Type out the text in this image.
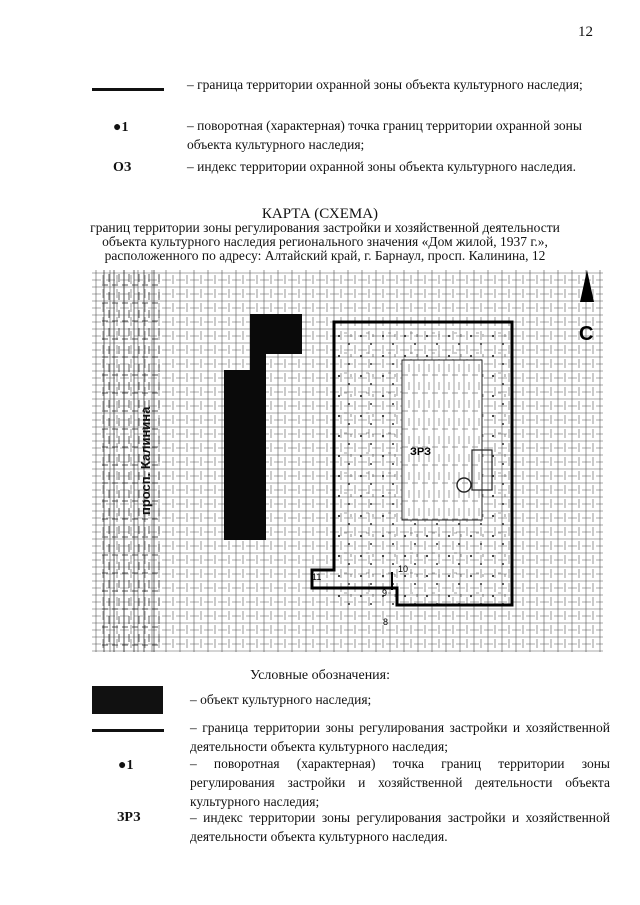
12
– граница территории охранной зоны объекта культурного наследия;
●1	– поворотная (характерная) точка границ территории охранной зоны объекта культурного наследия;
ОЗ	– индекс территории охранной зоны объекта культурного наследия.
КАРТА (СХЕМА)
границ территории зоны регулирования застройки и хозяйственной деятельности объекта культурного наследия регионального значения «Дом жилой, 1937 г.», расположенного по адресу: Алтайский край, г. Барнаул, просп. Калинина, 12
8
9
10
11
ЗРЗ
просп. Калинина
С
Условные обозначения:
– объект культурного наследия;
– граница территории зоны регулирования застройки и хозяйственной деятельности объекта культурного наследия;
●1	– поворотная (характерная) точка границ территории зоны регулирования застройки и хозяйственной деятельности объекта культурного наследия;
ЗРЗ	– индекс территории зоны регулирования застройки и хозяйственной деятельности объекта культурного наследия.
